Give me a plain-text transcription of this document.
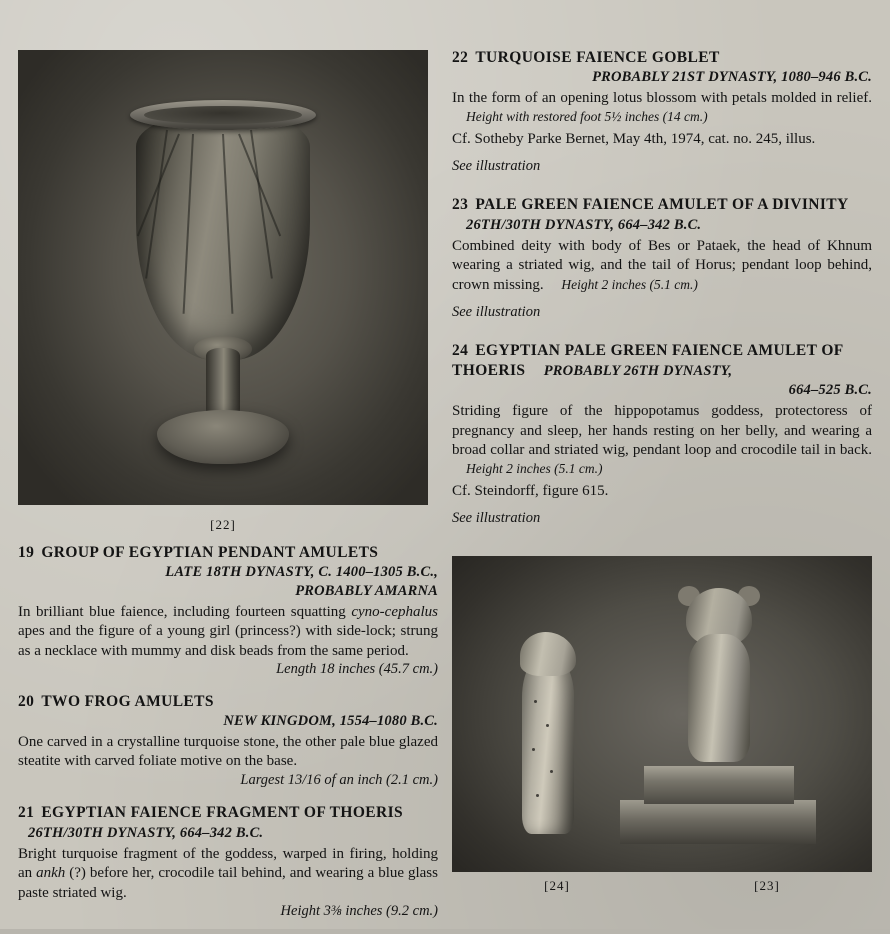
[22]
19 GROUP OF EGYPTIAN PENDANT AMULETS
LATE 18TH DYNASTY, C. 1400–1305 B.C.,
PROBABLY AMARNA
In brilliant blue faience, including fourteen squatting cyno-cephalus apes and the figure of a young girl (princess?) with side-lock; strung as a necklace with mummy and disk beads from the same period.
Length 18 inches (45.7 cm.)
20 TWO FROG AMULETS
NEW KINGDOM, 1554–1080 B.C.
One carved in a crystalline turquoise stone, the other pale blue glazed steatite with carved foliate motive on the base.
Largest 13/16 of an inch (2.1 cm.)
21 EGYPTIAN FAIENCE FRAGMENT OF THOERIS 26TH/30TH DYNASTY, 664–342 B.C.
Bright turquoise fragment of the goddess, warped in firing, holding an ankh (?) before her, crocodile tail behind, and wearing a blue glass paste striated wig.
Height 3⅜ inches (9.2 cm.)
22 TURQUOISE FAIENCE GOBLET
PROBABLY 21ST DYNASTY, 1080–946 B.C.
In the form of an opening lotus blossom with petals molded in relief. Height with restored foot 5½ inches (14 cm.)
Cf. Sotheby Parke Bernet, May 4th, 1974, cat. no. 245, illus.
See illustration
23 PALE GREEN FAIENCE AMULET OF A DIVINITY 26TH/30TH DYNASTY, 664–342 B.C.
Combined deity with body of Bes or Pataek, the head of Khnum wearing a striated wig, and the tail of Horus; pendant loop behind, crown missing. Height 2 inches (5.1 cm.)
See illustration
24 EGYPTIAN PALE GREEN FAIENCE AMULET OF THOERIS PROBABLY 26TH DYNASTY,
664–525 B.C.
Striding figure of the hippopotamus goddess, protectoress of pregnancy and sleep, her hands resting on her belly, and wearing a broad collar and striated wig, pendant loop and crocodile tail in back. Height 2 inches (5.1 cm.)
Cf. Steindorff, figure 615.
See illustration
[24]	[23]
